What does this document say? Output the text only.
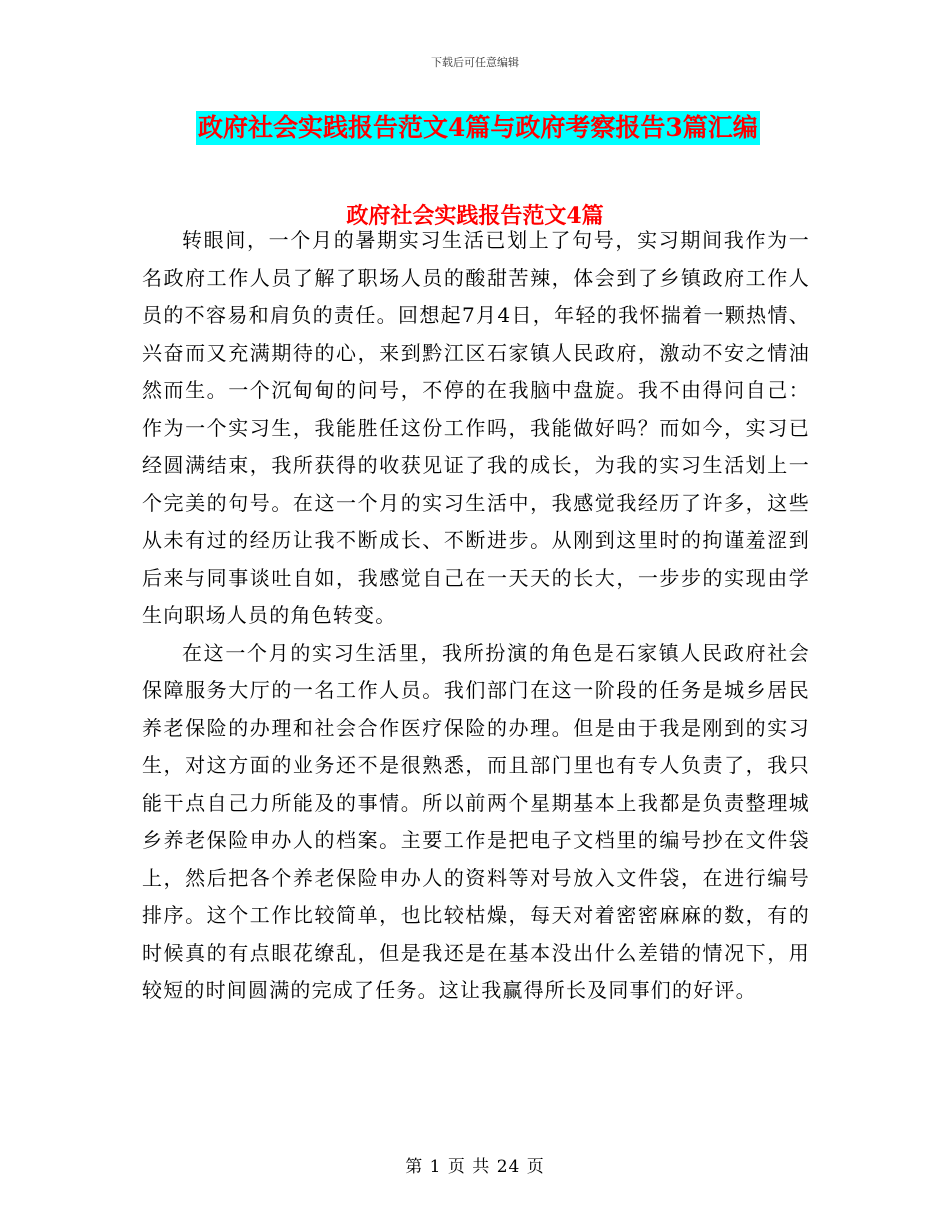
下载后可任意编辑
政府社会实践报告范文4篇与政府考察报告3篇汇编
政府社会实践报告范文4篇

转眼间，一个月的暑期实习生活已划上了句号，实习期间我作为一名政府工作人员了解了职场人员的酸甜苦辣，体会到了乡镇政府工作人员的不容易和肩负的责任。回想起7月4日，年轻的我怀揣着一颗热情、兴奋而又充满期待的心，来到黔江区石家镇人民政府，激动不安之情油然而生。一个沉甸甸的问号，不停的在我脑中盘旋。我不由得问自己：作为一个实习生，我能胜任这份工作吗，我能做好吗？而如今，实习已经圆满结束，我所获得的收获见证了我的成长，为我的实习生活划上一个完美的句号。在这一个月的实习生活中，我感觉我经历了许多，这些从未有过的经历让我不断成长、不断进步。从刚到这里时的拘谨羞涩到后来与同事谈吐自如，我感觉自己在一天天的长大，一步步的实现由学生向职场人员的角色转变。

在这一个月的实习生活里，我所扮演的角色是石家镇人民政府社会保障服务大厅的一名工作人员。我们部门在这一阶段的任务是城乡居民养老保险的办理和社会合作医疗保险的办理。但是由于我是刚到的实习生，对这方面的业务还不是很熟悉，而且部门里也有专人负责了，我只能干点自己力所能及的事情。所以前两个星期基本上我都是负责整理城乡养老保险申办人的档案。主要工作是把电子文档里的编号抄在文件袋上，然后把各个养老保险申办人的资料等对号放入文件袋，在进行编号排序。这个工作比较简单，也比较枯燥，每天对着密密麻麻的数，有的时候真的有点眼花缭乱，但是我还是在基本没出什么差错的情况下，用较短的时间圆满的完成了任务。这让我赢得所长及同事们的好评。

第 1 页 共 24 页
